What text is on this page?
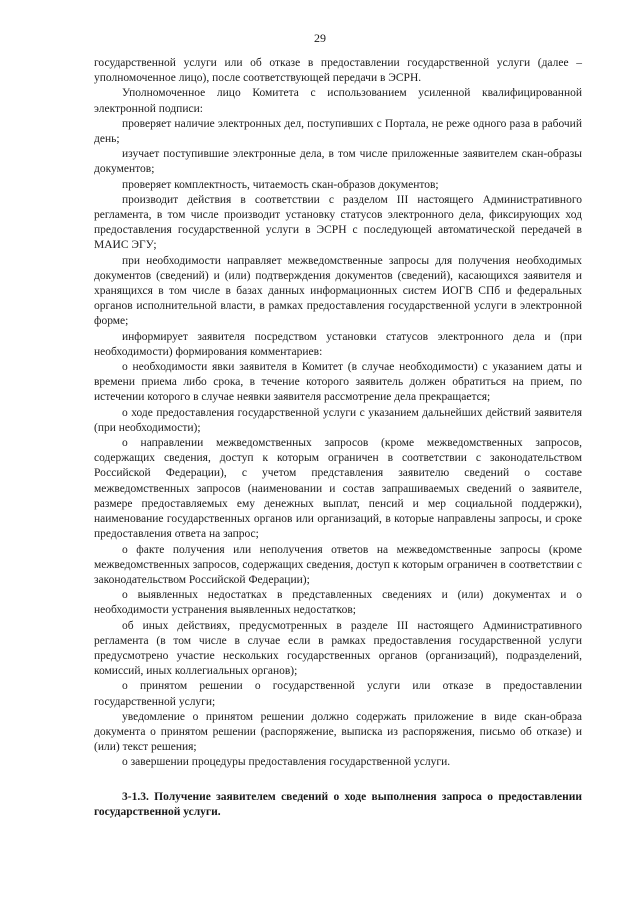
29

государственной услуги или об отказе в предоставлении государственной услуги (далее – уполномоченное лицо), после соответствующей передачи в ЭСРН.

Уполномоченное лицо Комитета с использованием усиленной квалифицированной электронной подписи:

проверяет наличие электронных дел, поступивших с Портала, не реже одного раза в рабочий день;

изучает поступившие электронные дела, в том числе приложенные заявителем скан-образы документов;

проверяет комплектность, читаемость скан-образов документов;

производит действия в соответствии с разделом III настоящего Административного регламента, в том числе производит установку статусов электронного дела, фиксирующих ход предоставления государственной услуги в ЭСРН с последующей автоматической передачей в МАИС ЭГУ;

при необходимости направляет межведомственные запросы для получения необходимых документов (сведений) и (или) подтверждения документов (сведений), касающихся заявителя и хранящихся в том числе в базах данных информационных систем ИОГВ СПб и федеральных органов исполнительной власти, в рамках предоставления государственной услуги в электронной форме;

информирует заявителя посредством установки статусов электронного дела и (при необходимости) формирования комментариев:

о необходимости явки заявителя в Комитет (в случае необходимости) с указанием даты и времени приема либо срока, в течение которого заявитель должен обратиться на прием, по истечении которого в случае неявки заявителя рассмотрение дела прекращается;

о ходе предоставления государственной услуги с указанием дальнейших действий заявителя (при необходимости);

о направлении межведомственных запросов (кроме межведомственных запросов, содержащих сведения, доступ к которым ограничен в соответствии с законодательством Российской Федерации), с учетом представления заявителю сведений о составе межведомственных запросов (наименовании и состав запрашиваемых сведений о заявителе, размере предоставляемых ему денежных выплат, пенсий и мер социальной поддержки), наименование государственных органов или организаций, в которые направлены запросы, и сроке предоставления ответа на запрос;

о факте получения или неполучения ответов на межведомственные запросы (кроме межведомственных запросов, содержащих сведения, доступ к которым ограничен в соответствии с законодательством Российской Федерации);

о выявленных недостатках в представленных сведениях и (или) документах и о необходимости устранения выявленных недостатков;

об иных действиях, предусмотренных в разделе III настоящего Административного регламента (в том числе в случае если в рамках предоставления государственной услуги предусмотрено участие нескольких государственных органов (организаций), подразделений, комиссий, иных коллегиальных органов);

о принятом решении о государственной услуги или отказе в предоставлении государственной услуги;

уведомление о принятом решении должно содержать приложение в виде скан-образа документа о принятом решении (распоряжение, выписка из распоряжения, письмо об отказе) и (или) текст решения;

о завершении процедуры предоставления государственной услуги.

3-1.3. Получение заявителем сведений о ходе выполнения запроса о предоставлении государственной услуги.
